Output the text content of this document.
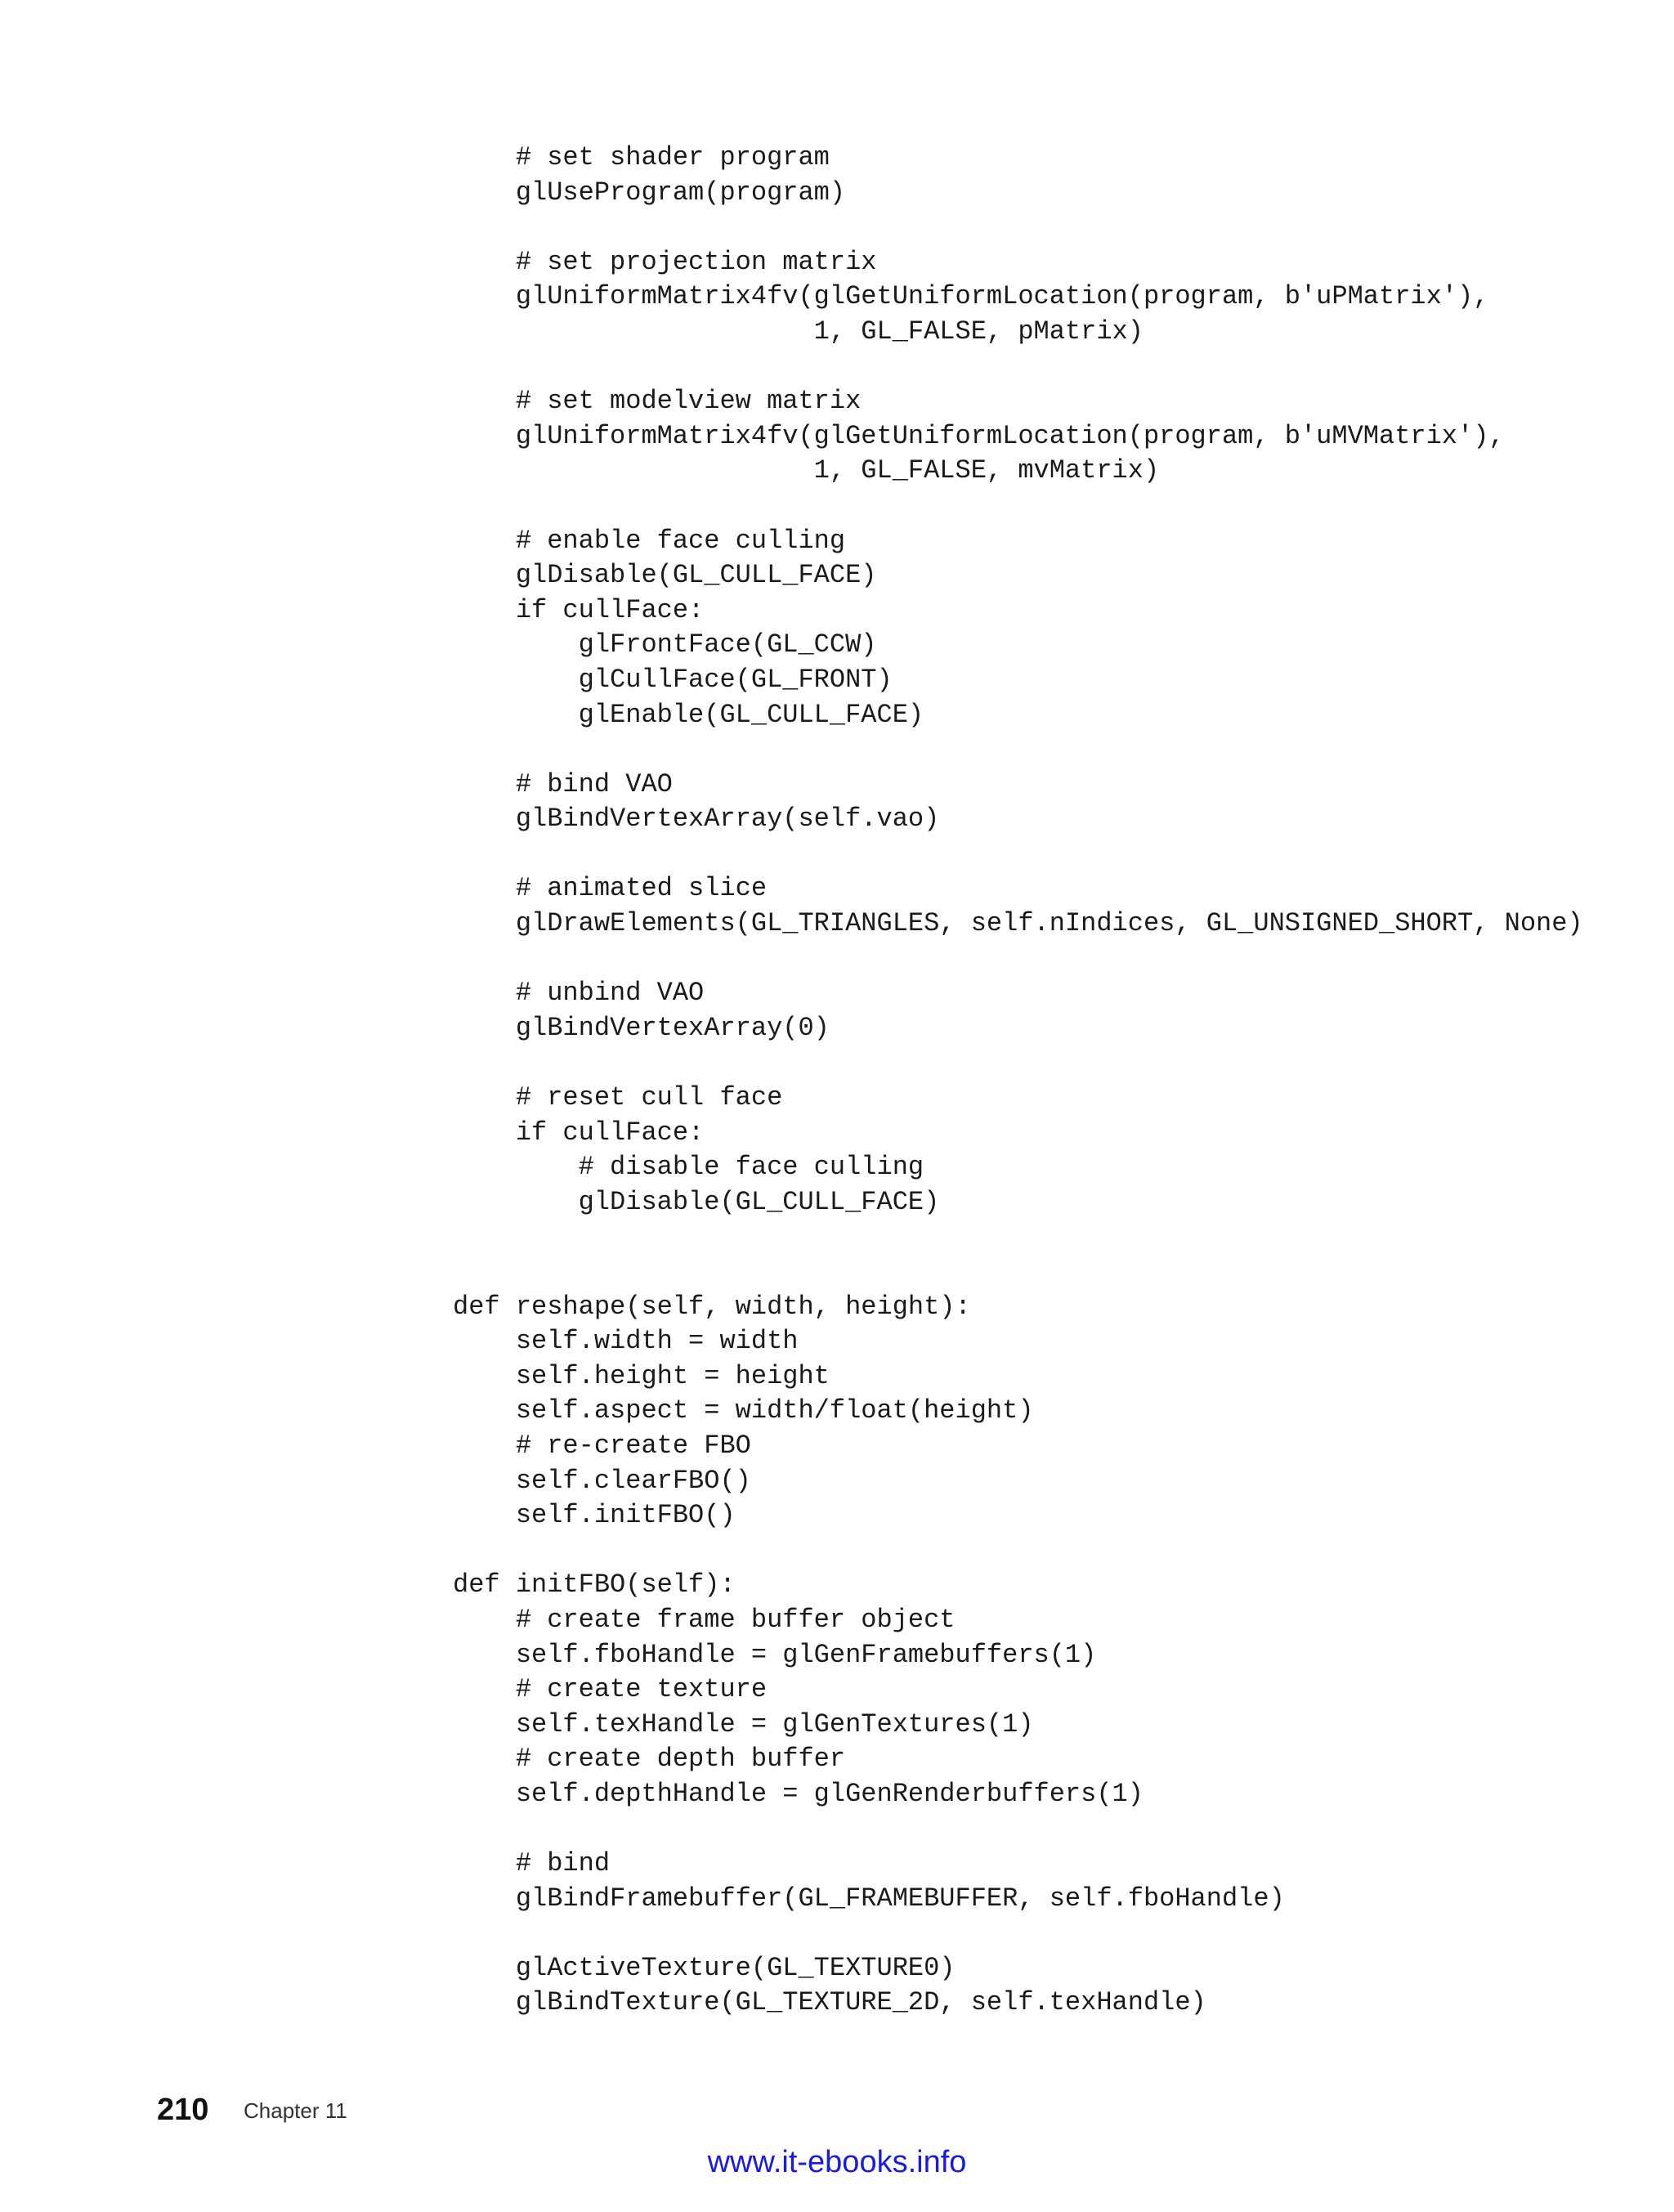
# set shader program
glUseProgram(program)
# set projection matrix
glUniformMatrix4fv(glGetUniformLocation(program, b'uPMatrix'),
1, GL_FALSE, pMatrix)
# set modelview matrix
glUniformMatrix4fv(glGetUniformLocation(program, b'uMVMatrix'),
1, GL_FALSE, mvMatrix)
# enable face culling
glDisable(GL_CULL_FACE)
if cullFace:
glFrontFace(GL_CCW)
glCullFace(GL_FRONT)
glEnable(GL_CULL_FACE)
# bind VAO
glBindVertexArray(self.vao)
# animated slice
glDrawElements(GL_TRIANGLES, self.nIndices, GL_UNSIGNED_SHORT, None)
# unbind VAO
glBindVertexArray(0)
# reset cull face
if cullFace:
# disable face culling
glDisable(GL_CULL_FACE)
def reshape(self, width, height):
self.width = width
self.height = height
self.aspect = width/float(height)
# re-create FBO
self.clearFBO()
self.initFBO()
def initFBO(self):
# create frame buffer object
self.fboHandle = glGenFramebuffers(1)
# create texture
self.texHandle = glGenTextures(1)
# create depth buffer
self.depthHandle = glGenRenderbuffers(1)
# bind
glBindFramebuffer(GL_FRAMEBUFFER, self.fboHandle)
glActiveTexture(GL_TEXTURE0)
glBindTexture(GL_TEXTURE_2D, self.texHandle)
210 Chapter 11
www.it-ebooks.info
